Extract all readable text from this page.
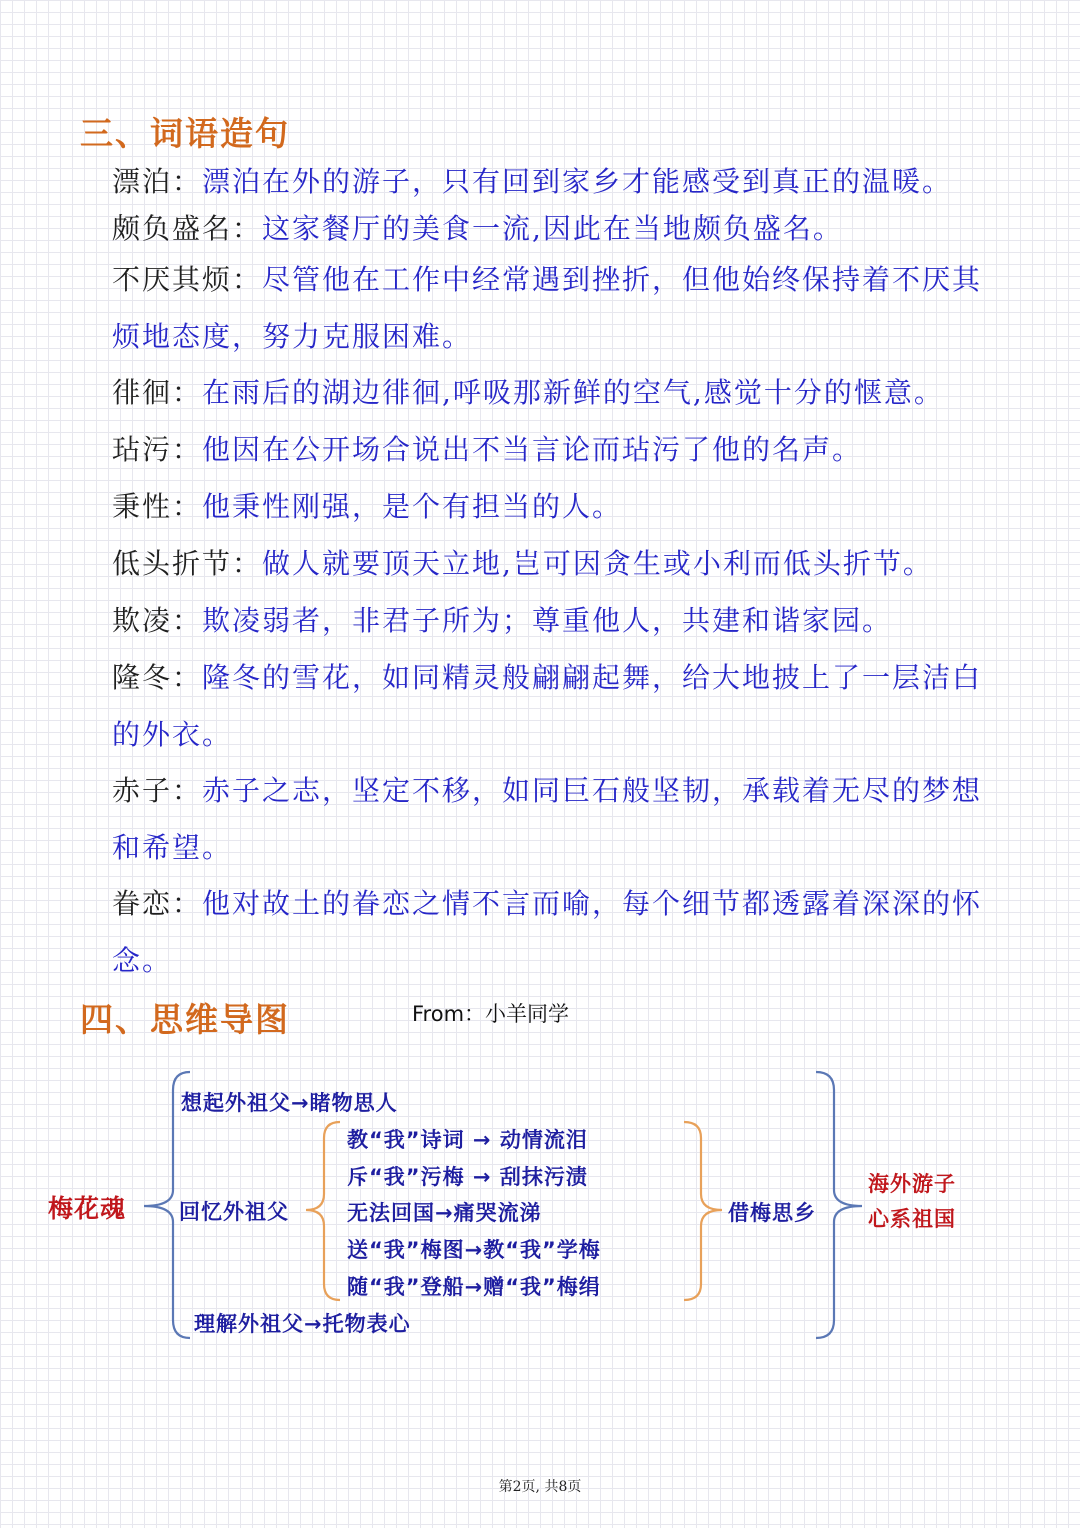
三、词语造句
漂泊：漂泊在外的游子，只有回到家乡才能感受到真正的温暖。
颇负盛名：这家餐厅的美食一流,因此在当地颇负盛名。
不厌其烦：尽管他在工作中经常遇到挫折，但他始终保持着不厌其烦地态度，努力克服困难。
徘徊：在雨后的湖边徘徊,呼吸那新鲜的空气,感觉十分的惬意。
玷污：他因在公开场合说出不当言论而玷污了他的名声。
秉性：他秉性刚强，是个有担当的人。
低头折节：做人就要顶天立地,岂可因贪生或小利而低头折节。
欺凌：欺凌弱者，非君子所为；尊重他人，共建和谐家园。
隆冬：隆冬的雪花，如同精灵般翩翩起舞，给大地披上了一层洁白的外衣。
赤子：赤子之志，坚定不移，如同巨石般坚韧，承载着无尽的梦想和希望。
眷恋：他对故土的眷恋之情不言而喻，每个细节都透露着深深的怀念。
四、思维导图	From：小羊同学
梅花魂
想起外祖父→睹物思人
回忆外祖父
理解外祖父→托物表心
教“我”诗词 → 动情流泪
斥“我”污梅 → 刮抹污渍
无法回国→痛哭流涕
送“我”梅图→教“我”学梅
随“我”登船→赠“我”梅绢
借梅思乡
海外游子
心系祖国
第2页, 共8页
